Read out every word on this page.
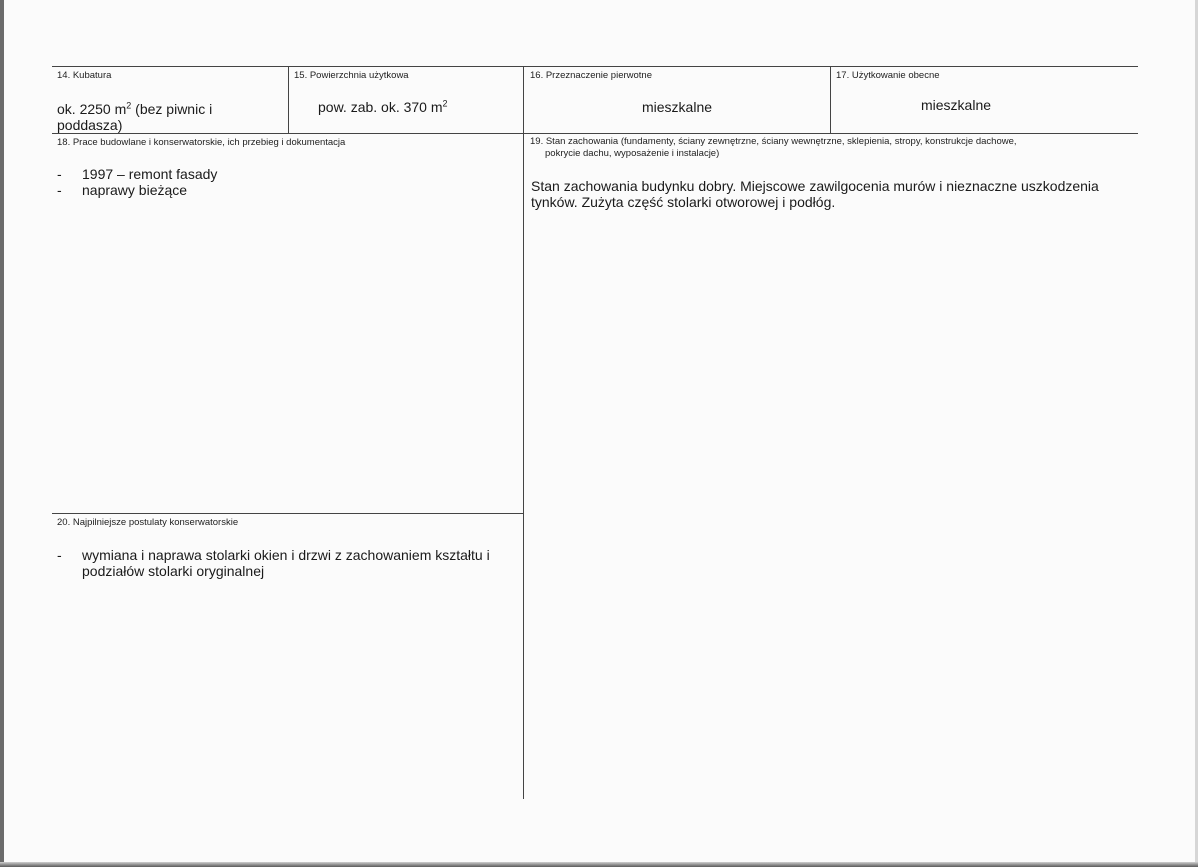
14. Kubatura
ok. 2250 $m^2$ (bez piwnic i
poddasza)
15. Powierzchnia użytkowa
pow. zab. ok. 370 $m^2$
16. Przeznaczenie pierwotne
mieszkalne
17. Użytkowanie obecne
mieszkalne
18. Prace budowlane i konserwatorskie, ich przebieg i dokumentacja
-	1997 – remont fasady
-	naprawy bieżące
19. Stan zachowania (fundamenty, ściany zewnętrzne, ściany wewnętrzne, sklepienia, stropy, konstrukcje dachowe,
pokrycie dachu, wyposażenie i instalacje)
Stan zachowania budynku dobry. Miejscowe zawilgocenia murów i nieznaczne uszkodzenia
tynków. Zużyta część stolarki otworowej i podłóg.
20. Najpilniejsze postulaty konserwatorskie
-	wymiana i naprawa stolarki okien i drzwi z zachowaniem kształtu i
podziałów stolarki oryginalnej
